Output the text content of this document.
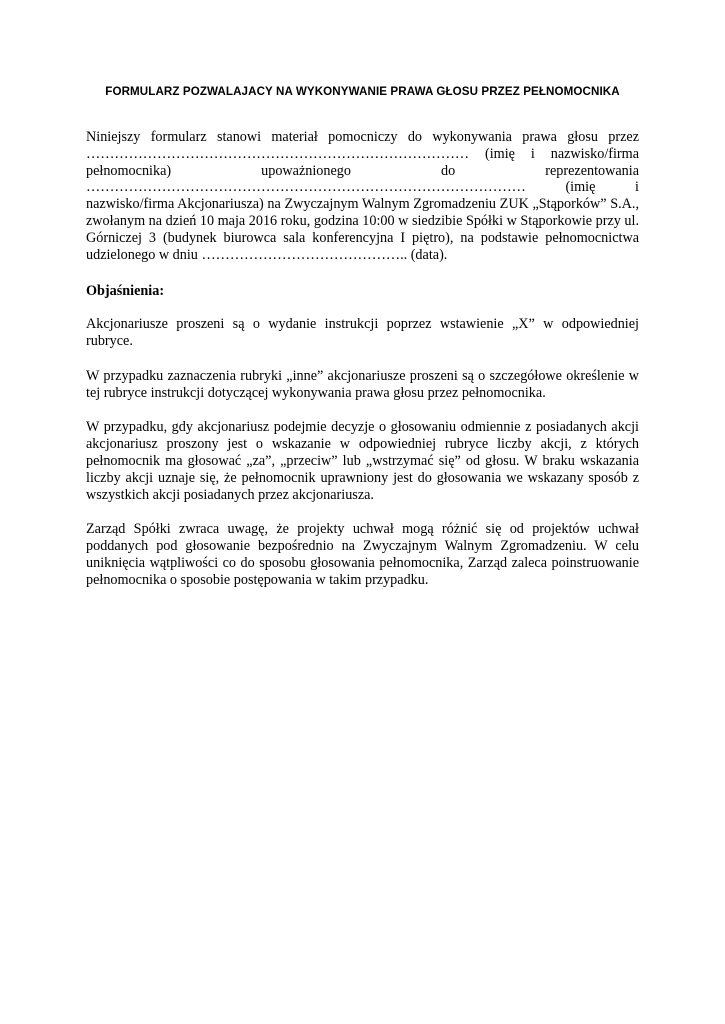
FORMULARZ POZWALAJACY NA WYKONYWANIE PRAWA GŁOSU PRZEZ PEŁNOMOCNIKA

Niniejszy formularz stanowi materiał pomocniczy do wykonywania prawa głosu przez ……………………………………………………………………… (imię i nazwisko/firma pełnomocnika) upoważnionego do reprezentowania ………………………………………………………………………………… (imię i nazwisko/firma Akcjonariusza) na Zwyczajnym Walnym Zgromadzeniu ZUK „Stąporków” S.A., zwołanym na dzień 10 maja 2016 roku, godzina 10:00 w siedzibie Spółki w Stąporkowie przy ul. Górniczej 3 (budynek biurowca sala konferencyjna I piętro), na podstawie pełnomocnictwa udzielonego w dniu …………………………………….. (data).

Objaśnienia:

Akcjonariusze proszeni są o wydanie instrukcji poprzez wstawienie „X” w odpowiedniej rubryce.

W przypadku zaznaczenia rubryki „inne” akcjonariusze proszeni są o szczegółowe określenie w tej rubryce instrukcji dotyczącej wykonywania prawa głosu przez pełnomocnika.

W przypadku, gdy akcjonariusz podejmie decyzje o głosowaniu odmiennie z posiadanych akcji akcjonariusz proszony jest o wskazanie w odpowiedniej rubryce liczby akcji, z których pełnomocnik ma głosować „za”, „przeciw” lub „wstrzymać się” od głosu. W braku wskazania liczby akcji uznaje się, że pełnomocnik uprawniony jest do głosowania we wskazany sposób z wszystkich akcji posiadanych przez akcjonariusza.

Zarząd Spółki zwraca uwagę, że projekty uchwał mogą różnić się od projektów uchwał poddanych pod głosowanie bezpośrednio na Zwyczajnym Walnym Zgromadzeniu. W celu uniknięcia wątpliwości co do sposobu głosowania pełnomocnika, Zarząd zaleca poinstruowanie pełnomocnika o sposobie postępowania w takim przypadku.
